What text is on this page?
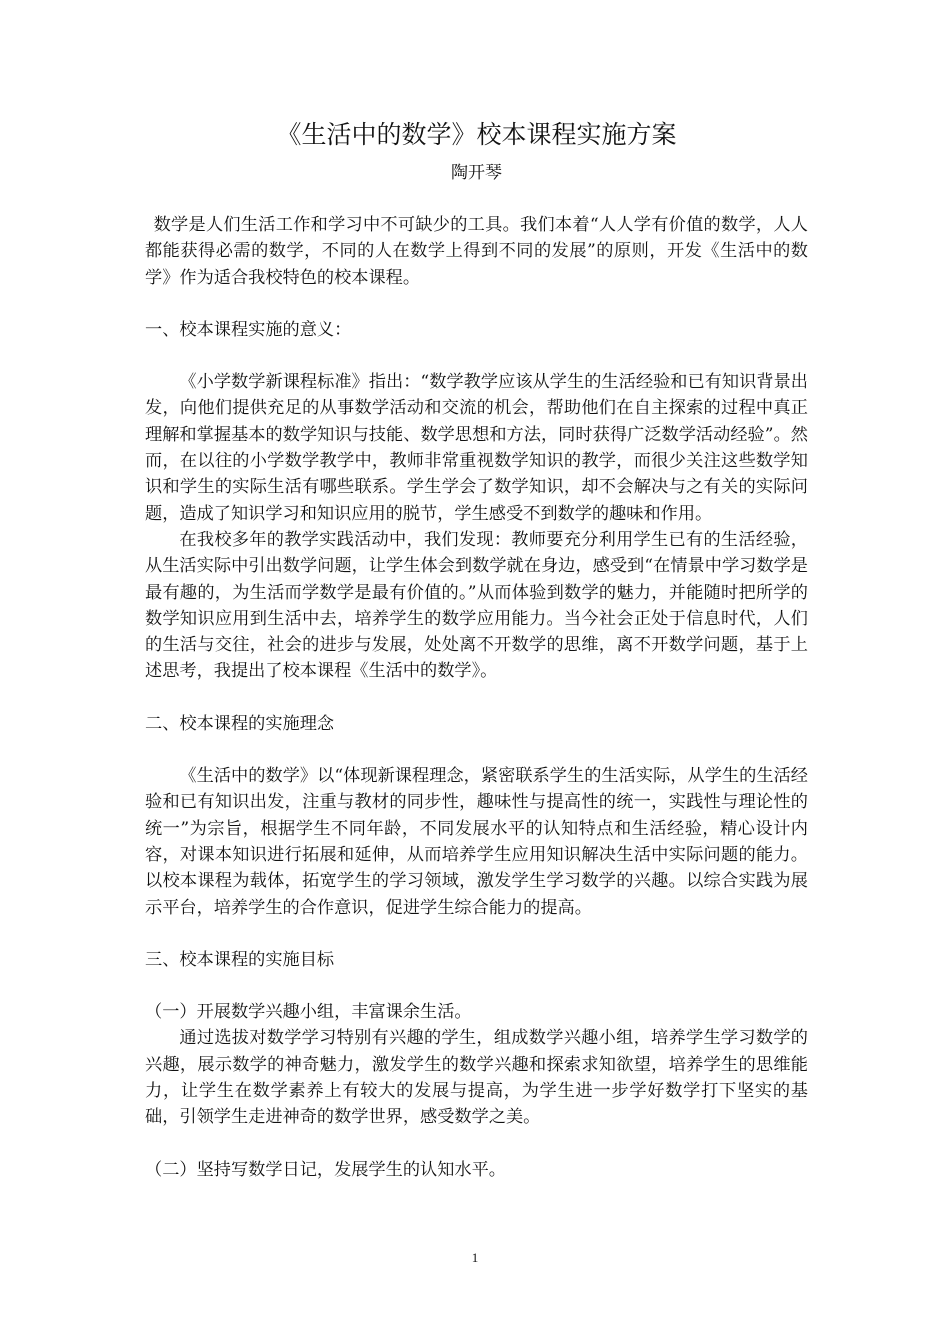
《生活中的数学》校本课程实施方案
陶开琴

数学是人们生活工作和学习中不可缺少的工具。我们本着“人人学有价值的数学，人人都能获得必需的数学，不同的人在数学上得到不同的发展”的原则，开发《生活中的数学》作为适合我校特色的校本课程。

一、校本课程实施的意义：

《小学数学新课程标准》指出：“数学教学应该从学生的生活经验和已有知识背景出发，向他们提供充足的从事数学活动和交流的机会，帮助他们在自主探索的过程中真正理解和掌握基本的数学知识与技能、数学思想和方法，同时获得广泛数学活动经验”。然而，在以往的小学数学教学中，教师非常重视数学知识的教学，而很少关注这些数学知识和学生的实际生活有哪些联系。学生学会了数学知识，却不会解决与之有关的实际问题，造成了知识学习和知识应用的脱节，学生感受不到数学的趣味和作用。

在我校多年的教学实践活动中，我们发现：教师要充分利用学生已有的生活经验，从生活实际中引出数学问题，让学生体会到数学就在身边，感受到“在情景中学习数学是最有趣的，为生活而学数学是最有价值的。”从而体验到数学的魅力，并能随时把所学的数学知识应用到生活中去，培养学生的数学应用能力。当今社会正处于信息时代，人们的生活与交往，社会的进步与发展，处处离不开数学的思维，离不开数学问题，基于上述思考，我提出了校本课程《生活中的数学》。

二、校本课程的实施理念

《生活中的数学》以“体现新课程理念，紧密联系学生的生活实际，从学生的生活经验和已有知识出发，注重与教材的同步性，趣味性与提高性的统一，实践性与理论性的统一”为宗旨，根据学生不同年龄，不同发展水平的认知特点和生活经验，精心设计内容，对课本知识进行拓展和延伸，从而培养学生应用知识解决生活中实际问题的能力。以校本课程为载体，拓宽学生的学习领域，激发学生学习数学的兴趣。以综合实践为展示平台，培养学生的合作意识，促进学生综合能力的提高。

三、校本课程的实施目标
（一）开展数学兴趣小组，丰富课余生活。

通过选拔对数学学习特别有兴趣的学生，组成数学兴趣小组，培养学生学习数学的兴趣，展示数学的神奇魅力，激发学生的数学兴趣和探索求知欲望，培养学生的思维能力，让学生在数学素养上有较大的发展与提高，为学生进一步学好数学打下坚实的基础，引领学生走进神奇的数学世界，感受数学之美。

（二）坚持写数学日记，发展学生的认知水平。
1
